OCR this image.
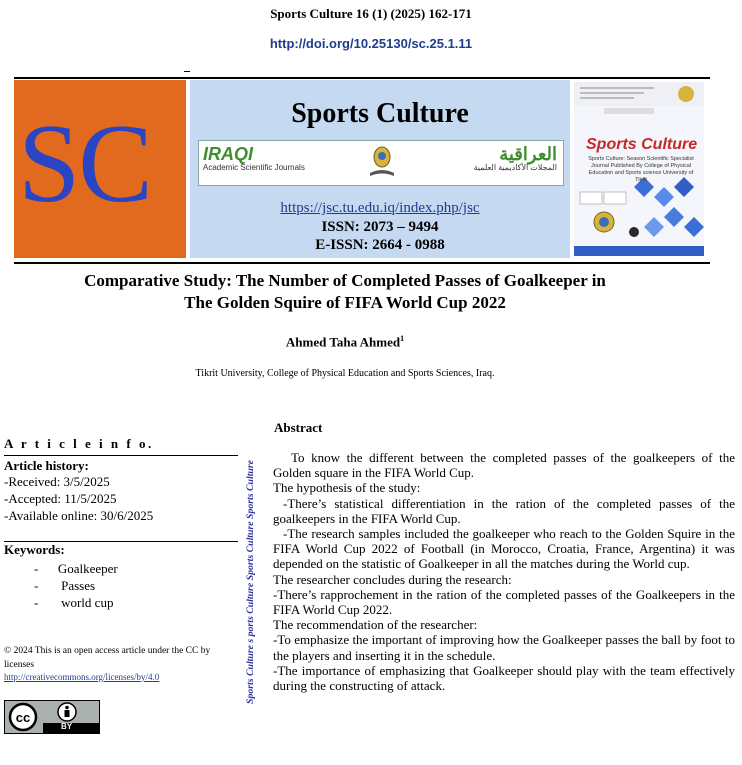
Sports Culture 16 (1) (2025) 162-171
http://doi.org/10.25130/sc.25.1.11
SC	Sports Culture
IRAQI
Academic Scientific Journals
العراقية
المجلات الأكاديمية العلمية
https://jsc.tu.edu.iq/index.php/jsc
ISSN: 2073 – 9494
E-ISSN: 2664 - 0988
Sports Culture
Sports Culture: Season Scientific Specialist Journal Published By College of Physical Education and Sports science University of Tikrit
Comparative Study: The Number of Completed Passes of Goalkeeper in
The Golden Squire of FIFA World Cup 2022
Ahmed Taha Ahmed$^1$
Tikrit University, College of Physical Education and Sports Sciences, Iraq.
A r t i c l e i n f o.
Article history:
-Received: 3/5/2025
-Accepted: 11/5/2025
-Available online: 30/6/2025
Keywords:
-      Goalkeeper
-       Passes
-       world cup
© 2024 This is an open access article under the CC by licenses
http://creativecommons.org/licenses/by/4.0
cc
BY
Sports Culture s ports Culture Sports Culture Sports Culture
Abstract

To know the different between the completed passes of the goalkeepers of the Golden square in the FIFA World Cup.

The hypothesis of the study:

-There’s statistical differentiation in the ration of the completed passes of the goalkeepers in the FIFA World Cup.

-The research samples included the goalkeeper who reach to the Golden Squire in the FIFA World Cup 2022 of Football (in Morocco, Croatia, France, Argentina) it was depended on the statistic of Goalkeeper in all the matches during the World cup.

The researcher concludes during the research:

-There’s rapprochement in the ration of the completed passes of the Goalkeepers in the FIFA World Cup 2022.

The recommendation of the researcher:

-To emphasize the important of improving how the Goalkeeper passes the ball by foot to the players and inserting it in the schedule.

-The importance of emphasizing that Goalkeeper should play with the team effectively during the constructing of attack.
